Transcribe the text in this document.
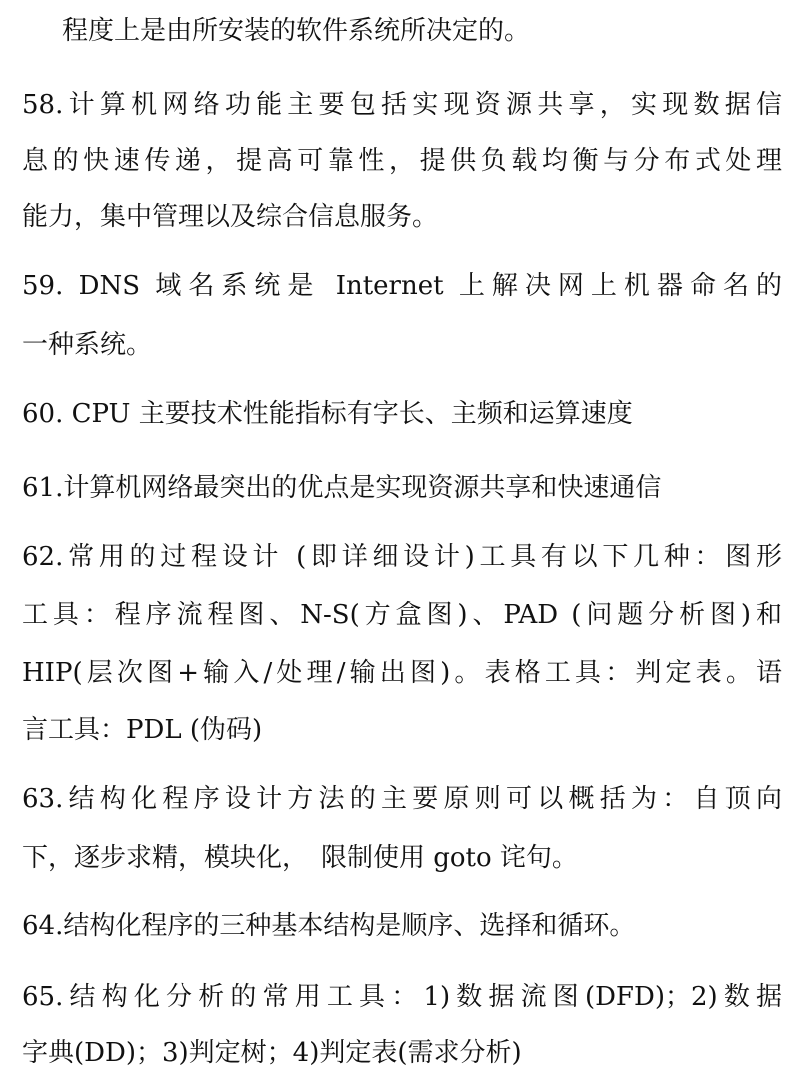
程度上是由所安装的软件系统所决定的。
58.计算机网络功能主要包括实现资源共享，实现数据信
息的快速传递，提高可靠性，提供负载均衡与分布式处理
能力，集中管理以及综合信息服务。
59. DNS 域名系统是 Internet 上解决网上机器命名的
一种系统。
60. CPU 主要技术性能指标有字长、主频和运算速度
61.计算机网络最突出的优点是实现资源共享和快速通信
62.常用的过程设计 (即详细设计)工具有以下几种：图形
工具：程序流程图、N-S(方盒图)、PAD (问题分析图)和
HIP(层次图+输入/处理/输出图)。表格工具：判定表。语
言工具：PDL (伪码)
63.结构化程序设计方法的主要原则可以概括为：自顶向
下，逐步求精，模块化，　限制使用 goto 诧句。
64.结构化程序的三种基本结构是顺序、选择和循环。
65.结构化分析的常用工具：1)数据流图(DFD)；2)数据
字典(DD)；3)判定树；4)判定表(需求分析)
